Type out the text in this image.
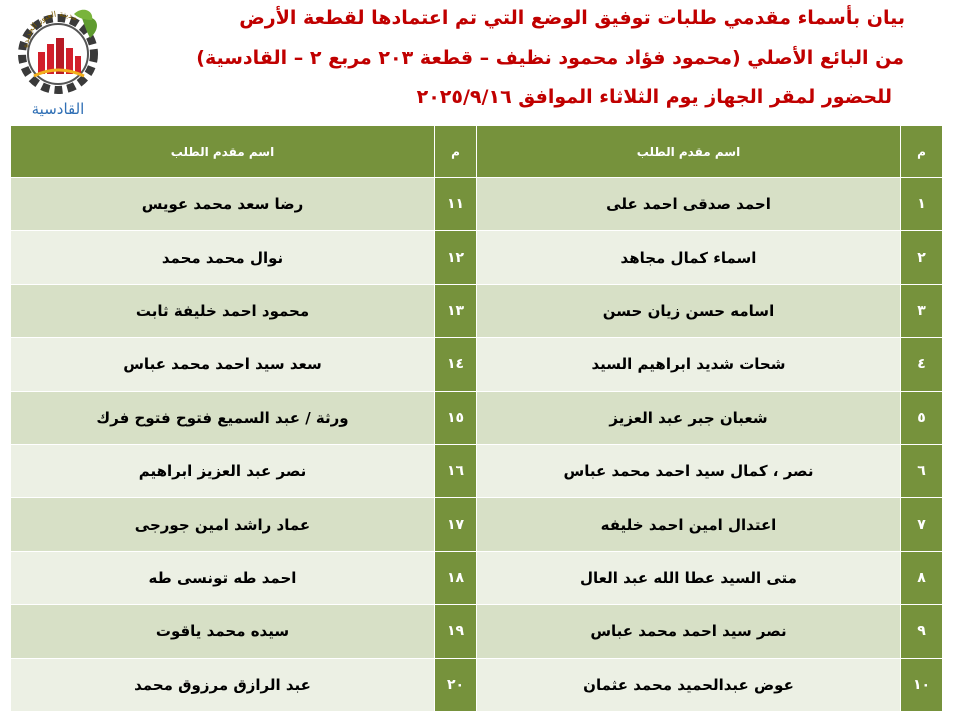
بيان بأسماء مقدمي طلبات توفيق الوضع التي تم اعتمادها لقطعة الأرض
من البائع الأصلي (محمود فؤاد محمود نظيف – قطعة ٢٠٣ مربع ٢ – القادسية)
للحضور لمقر الجهاز يوم الثلاثاء الموافق ٢٠٢٥/٩/١٦
مدينة العبور الجديدة
القادسية
م	اسم مقدم الطلب	م	اسم مقدم الطلب
١	احمد صدقى احمد على	١١	رضا سعد محمد عويس
٢	اسماء كمال مجاهد	١٢	نوال محمد محمد
٣	اسامه حسن زيان حسن	١٣	محمود احمد خليفة ثابت
٤	شحات شديد ابراهيم السيد	١٤	سعد سيد احمد محمد عباس
٥	شعبان جبر عبد العزيز	١٥	ورثة / عبد السميع فتوح فتوح فرك
٦	نصر ، كمال سيد احمد محمد عباس	١٦	نصر عبد العزيز ابراهيم
٧	اعتدال امين احمد خليفه	١٧	عماد راشد امين جورجى
٨	متى السيد عطا الله عبد العال	١٨	احمد طه تونسى طه
٩	نصر سيد احمد محمد عباس	١٩	سيده محمد ياقوت
١٠	عوض عبدالحميد محمد عثمان	٢٠	عبد الرازق مرزوق محمد
